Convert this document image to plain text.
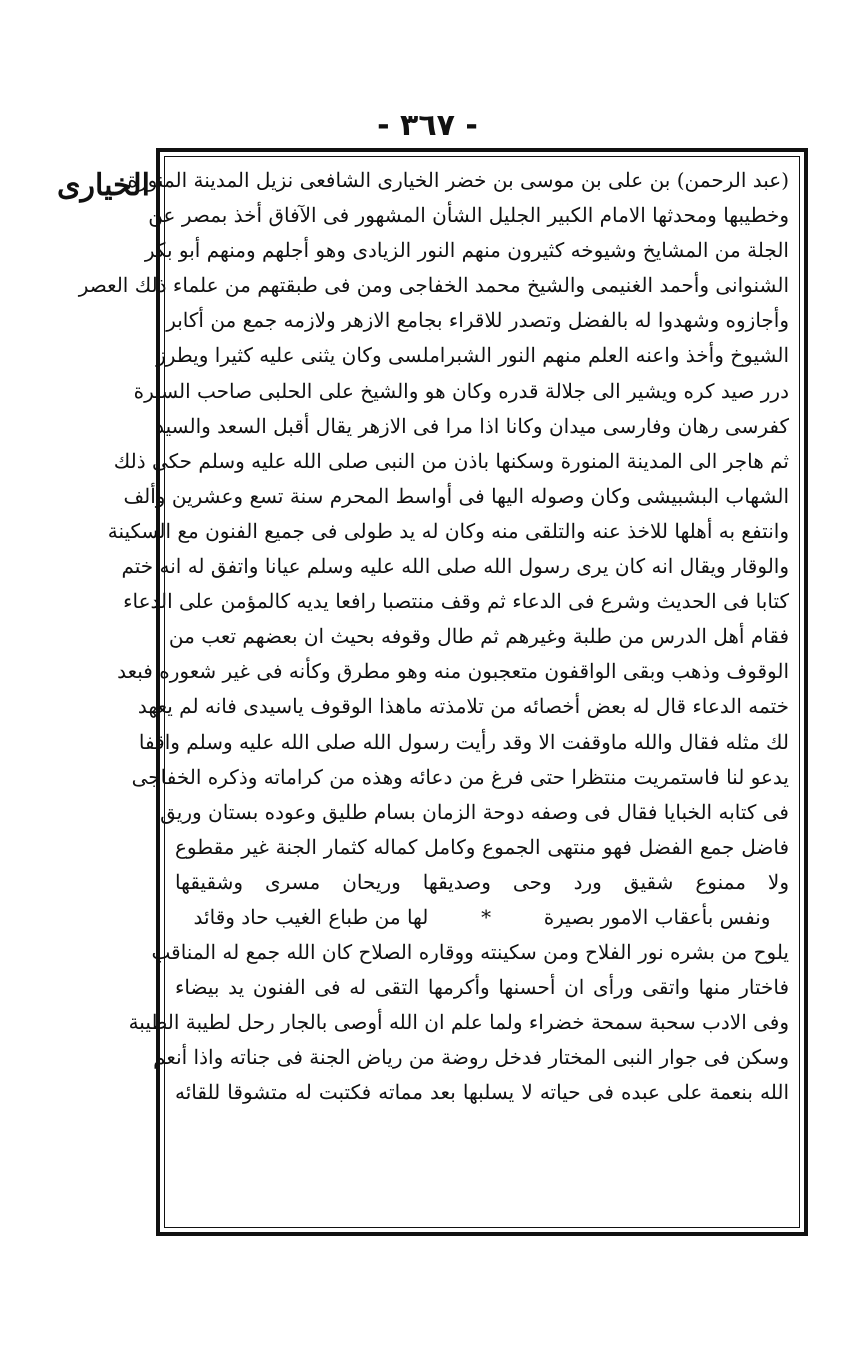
- ٣٦٧ -
الخيارى
(عبد الرحمن) بن على بن موسى بن خضر الخيارى الشافعى نزيل المدينة المنورة
وخطيبها ومحدثها الامام الكبير الجليل الشأن المشهور فى الآفاق أخذ بمصر عن
الجلة من المشايخ وشيوخه كثيرون منهم النور الزيادى وهو أجلهم ومنهم أبو بكر
الشنوانى وأحمد الغنيمى والشيخ محمد الخفاجى ومن فى طبقتهم من علماء ذلك العصر
وأجازوه وشهدوا له بالفضل وتصدر للاقراء بجامع الازهر ولازمه جمع من أكابر
الشيوخ وأخذ واعنه العلم منهم النور الشبراملسى وكان يثنى عليه كثيرا ويطرز
درر صيد كره ويشير الى جلالة قدره وكان هو والشيخ على الحلبى صاحب السيرة
كفرسى رهان وفارسى ميدان وكانا اذا مرا فى الازهر يقال أقبل السعد والسيد
ثم هاجر الى المدينة المنورة وسكنها باذن من النبى صلى الله عليه وسلم حكى ذلك
الشهاب البشبيشى وكان وصوله اليها فى أواسط المحرم سنة تسع وعشرين وألف
وانتفع به أهلها للاخذ عنه والتلقى منه وكان له يد طولى فى جميع الفنون مع السكينة
والوقار ويقال انه كان يرى رسول الله صلى الله عليه وسلم عيانا واتفق له انه ختم
كتابا فى الحديث وشرع فى الدعاء ثم وقف منتصبا رافعا يديه كالمؤمن على الدعاء
فقام أهل الدرس من طلبة وغيرهم ثم طال وقوفه بحيث ان بعضهم تعب من
الوقوف وذهب وبقى الواقفون متعجبون منه وهو مطرق وكأنه فى غير شعوره فبعد
ختمه الدعاء قال له بعض أخصائه من تلامذته ماهذا الوقوف ياسيدى فانه لم يعهد
لك مثله فقال والله ماوقفت الا وقد رأيت رسول الله صلى الله عليه وسلم واقفا
يدعو لنا فاستمريت منتظرا حتى فرغ من دعائه وهذه من كراماته وذكره الخفاجى
فى كتابه الخبايا فقال فى وصفه دوحة الزمان بسام طليق وعوده بستان وريق
فاضل جمع الفضل فهو منتهى الجموع وكامل كماله كثمار الجنة غير مقطوع
ولا ممنوع شقيق ورد وحى وصديقها وريحان مسرى وشقيقها
ونفس بأعقاب الامور بصيرة  *  لها من طباع الغيب حاد وقائد
يلوح من بشره نور الفلاح ومن سكينته ووقاره الصلاح كان الله جمع له المناقب
فاختار منها واتقى ورأى ان أحسنها وأكرمها التقى له فى الفنون يد بيضاء
وفى الادب سحبة سمحة خضراء ولما علم ان الله أوصى بالجار رحل لطيبة الطيبة
وسكن فى جوار النبى المختار فدخل روضة من رياض الجنة فى جناته واذا أنعم
الله بنعمة على عبده فى حياته لا يسلبها بعد مماته فكتبت له متشوقا للقائه
